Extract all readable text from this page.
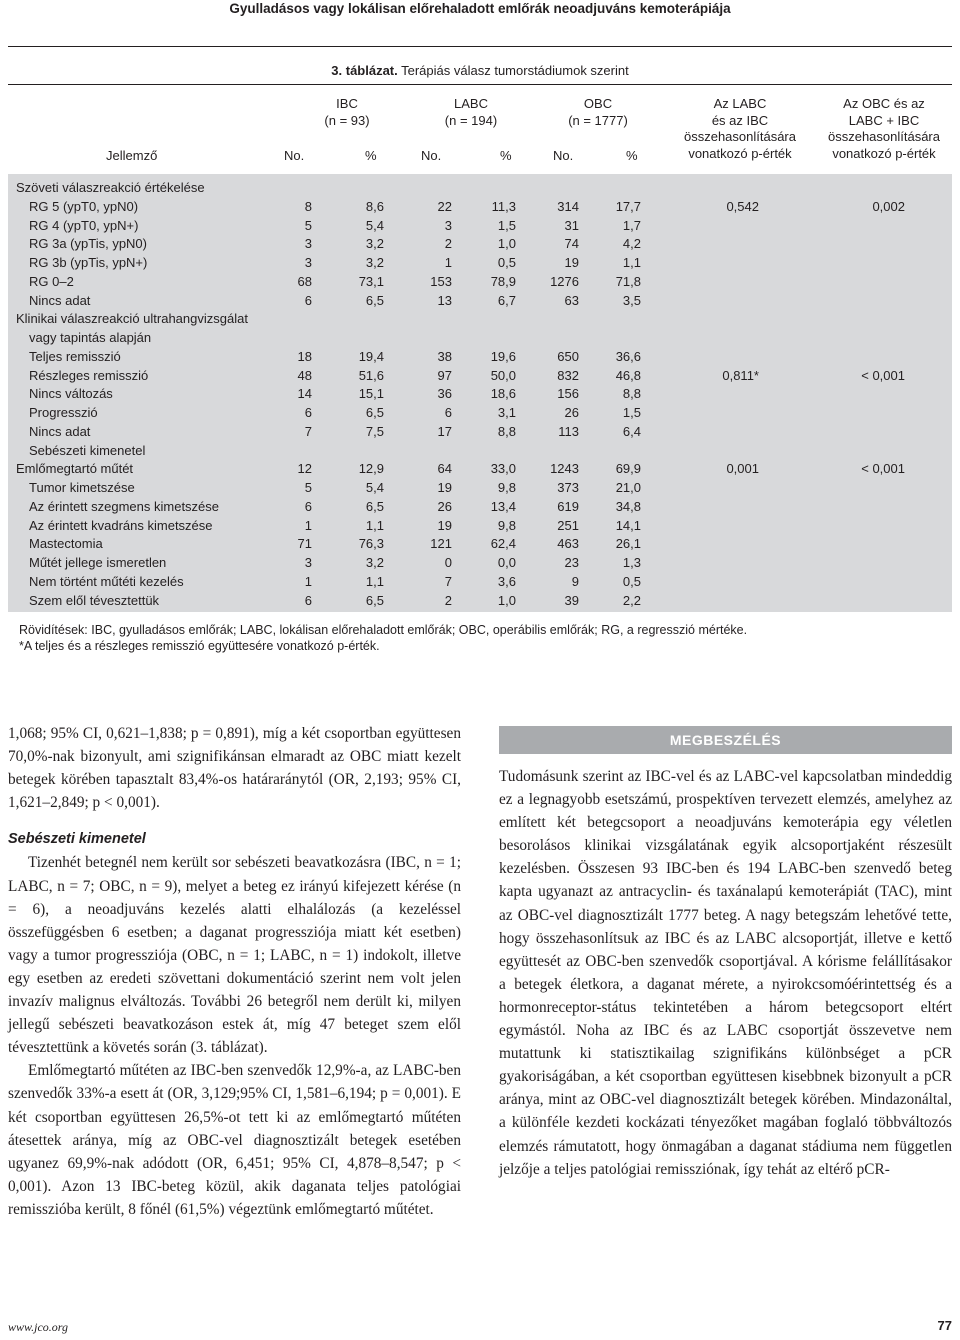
Gyulladásos vagy lokálisan előrehaladott emlőrák neoadjuváns kemoterápiája
3. táblázat. Terápiás válasz tumorstádiumok szerint
IBC
(n = 93)
LABC
(n = 194)
OBC
(n = 1777)
Az LABC
és az IBC
összehasonlítására
vonatkozó p-érték
Az OBC és az
LABC + IBC
összehasonlítására
vonatkozó p-érték
Jellemző	No.	%	No.	%	No.	%
Szöveti válaszreakció értékelése
RG 5 (ypT0, ypN0)	8	8,6	22	11,3	314	17,7	0,542	0,002
RG 4 (ypT0, ypN+)	5	5,4	3	1,5	31	1,7
RG 3a (ypTis, ypN0)	3	3,2	2	1,0	74	4,2
RG 3b (ypTis, ypN+)	3	3,2	1	0,5	19	1,1
RG 0–2	68	73,1	153	78,9	1276	71,8
Nincs adat	6	6,5	13	6,7	63	3,5
Klinikai válaszreakció ultrahangvizsgálat
vagy tapintás alapján
Teljes remisszió	18	19,4	38	19,6	650	36,6
Részleges remisszió	48	51,6	97	50,0	832	46,8	0,811*	< 0,001
Nincs változás	14	15,1	36	18,6	156	8,8
Progresszió	6	6,5	6	3,1	26	1,5
Nincs adat	7	7,5	17	8,8	113	6,4
Sebészeti kimenetel
Emlőmegtartó műtét	12	12,9	64	33,0	1243	69,9	0,001	< 0,001
Tumor kimetszése	5	5,4	19	9,8	373	21,0
Az érintett szegmens kimetszése	6	6,5	26	13,4	619	34,8
Az érintett kvadráns kimetszése	1	1,1	19	9,8	251	14,1
Mastectomia	71	76,3	121	62,4	463	26,1
Műtét jellege ismeretlen	3	3,2	0	0,0	23	1,3
Nem történt műtéti kezelés	1	1,1	7	3,6	9	0,5
Szem elől tévesztettük	6	6,5	2	1,0	39	2,2
Rövidítések: IBC, gyulladásos emlőrák; LABC, lokálisan előrehaladott emlőrák; OBC, operábilis emlőrák; RG, a regresszió mértéke.
*A teljes és a részleges remisszió együttesére vonatkozó p-érték.

1,068; 95% CI, 0,621–1,838; p = 0,891), míg a két csoportban együttesen 70,0%-nak bizonyult, ami szignifikánsan elmaradt az OBC miatt kezelt betegek körében tapasztalt 83,4%-os határaránytól (OR, 2,193; 95% CI, 1,621–2,849; p < 0,001).

Sebészeti kimenetel

Tizenhét betegnél nem került sor sebészeti beavatkozásra (IBC, n = 1; LABC, n = 7; OBC, n = 9), melyet a beteg ez irányú kifejezett kérése (n = 6), a neoadjuváns kezelés alatti elhalálozás (a kezeléssel összefüggésben 6 esetben; a daganat progressziója miatt két esetben) vagy a tumor progressziója (OBC, n = 1; LABC, n = 1) indokolt, illetve egy esetben az eredeti szövettani dokumentáció szerint nem volt jelen invazív malignus elváltozás. További 26 betegről nem derült ki, milyen jellegű sebészeti beavatkozáson estek át, míg 47 beteget szem elől tévesztettünk a követés során (3. táblázat).

Emlőmegtartó műtéten az IBC-ben szenvedők 12,9%-a, az LABC-ben szenvedők 33%-a esett át (OR, 3,129;95% CI, 1,581–6,194; p = 0,001). E két csoportban együttesen 26,5%-ot tett ki az emlőmegtartó műtéten átesettek aránya, míg az OBC-vel diagnosztizált betegek esetében ugyanez 69,9%-nak adódott (OR, 6,451; 95% CI, 4,878–8,547; p < 0,001). Azon 13 IBC-beteg közül, akik daganata teljes patológiai remisszióba került, 8 főnél (61,5%) végeztünk emlőmegtartó műtétet.

MEGBESZÉLÉS

Tudomásunk szerint az IBC-vel és az LABC-vel kapcsolatban mindeddig ez a legnagyobb esetszámú, prospektíven tervezett elemzés, amelyhez az említett két betegcsoport a neoadjuváns kemoterápia egy véletlen besorolásos klinikai vizsgálatának egyik alcsoportjaként részesült kezelésben. Összesen 93 IBC-ben és 194 LABC-ben szenvedő beteg kapta ugyanazt az antracyclin- és taxánalapú kemoterápiát (TAC), mint az OBC-vel diagnosztizált 1777 beteg. A nagy betegszám lehetővé tette, hogy összehasonlítsuk az IBC és az LABC alcsoportját, illetve e kettő együttesét az OBC-ben szenvedők csoportjával. A kórisme felállításakor a betegek életkora, a daganat mérete, a nyirokcsomóérintettség és a hormonreceptor-státus tekintetében a három betegcsoport eltért egymástól. Noha az IBC és az LABC csoportját összevetve nem mutattunk ki statisztikailag szignifikáns különbséget a pCR gyakoriságában, a két csoportban együttesen kisebbnek bizonyult a pCR aránya, mint az OBC-vel diagnosztizált betegek körében. Mindazonáltal, a különféle kezdeti kockázati tényezőket magában foglaló többváltozós elemzés rámutatott, hogy önmagában a daganat stádiuma nem független jelzője a teljes patológiai remissziónak, így tehát az eltérő pCR-

www.jco.org	77
